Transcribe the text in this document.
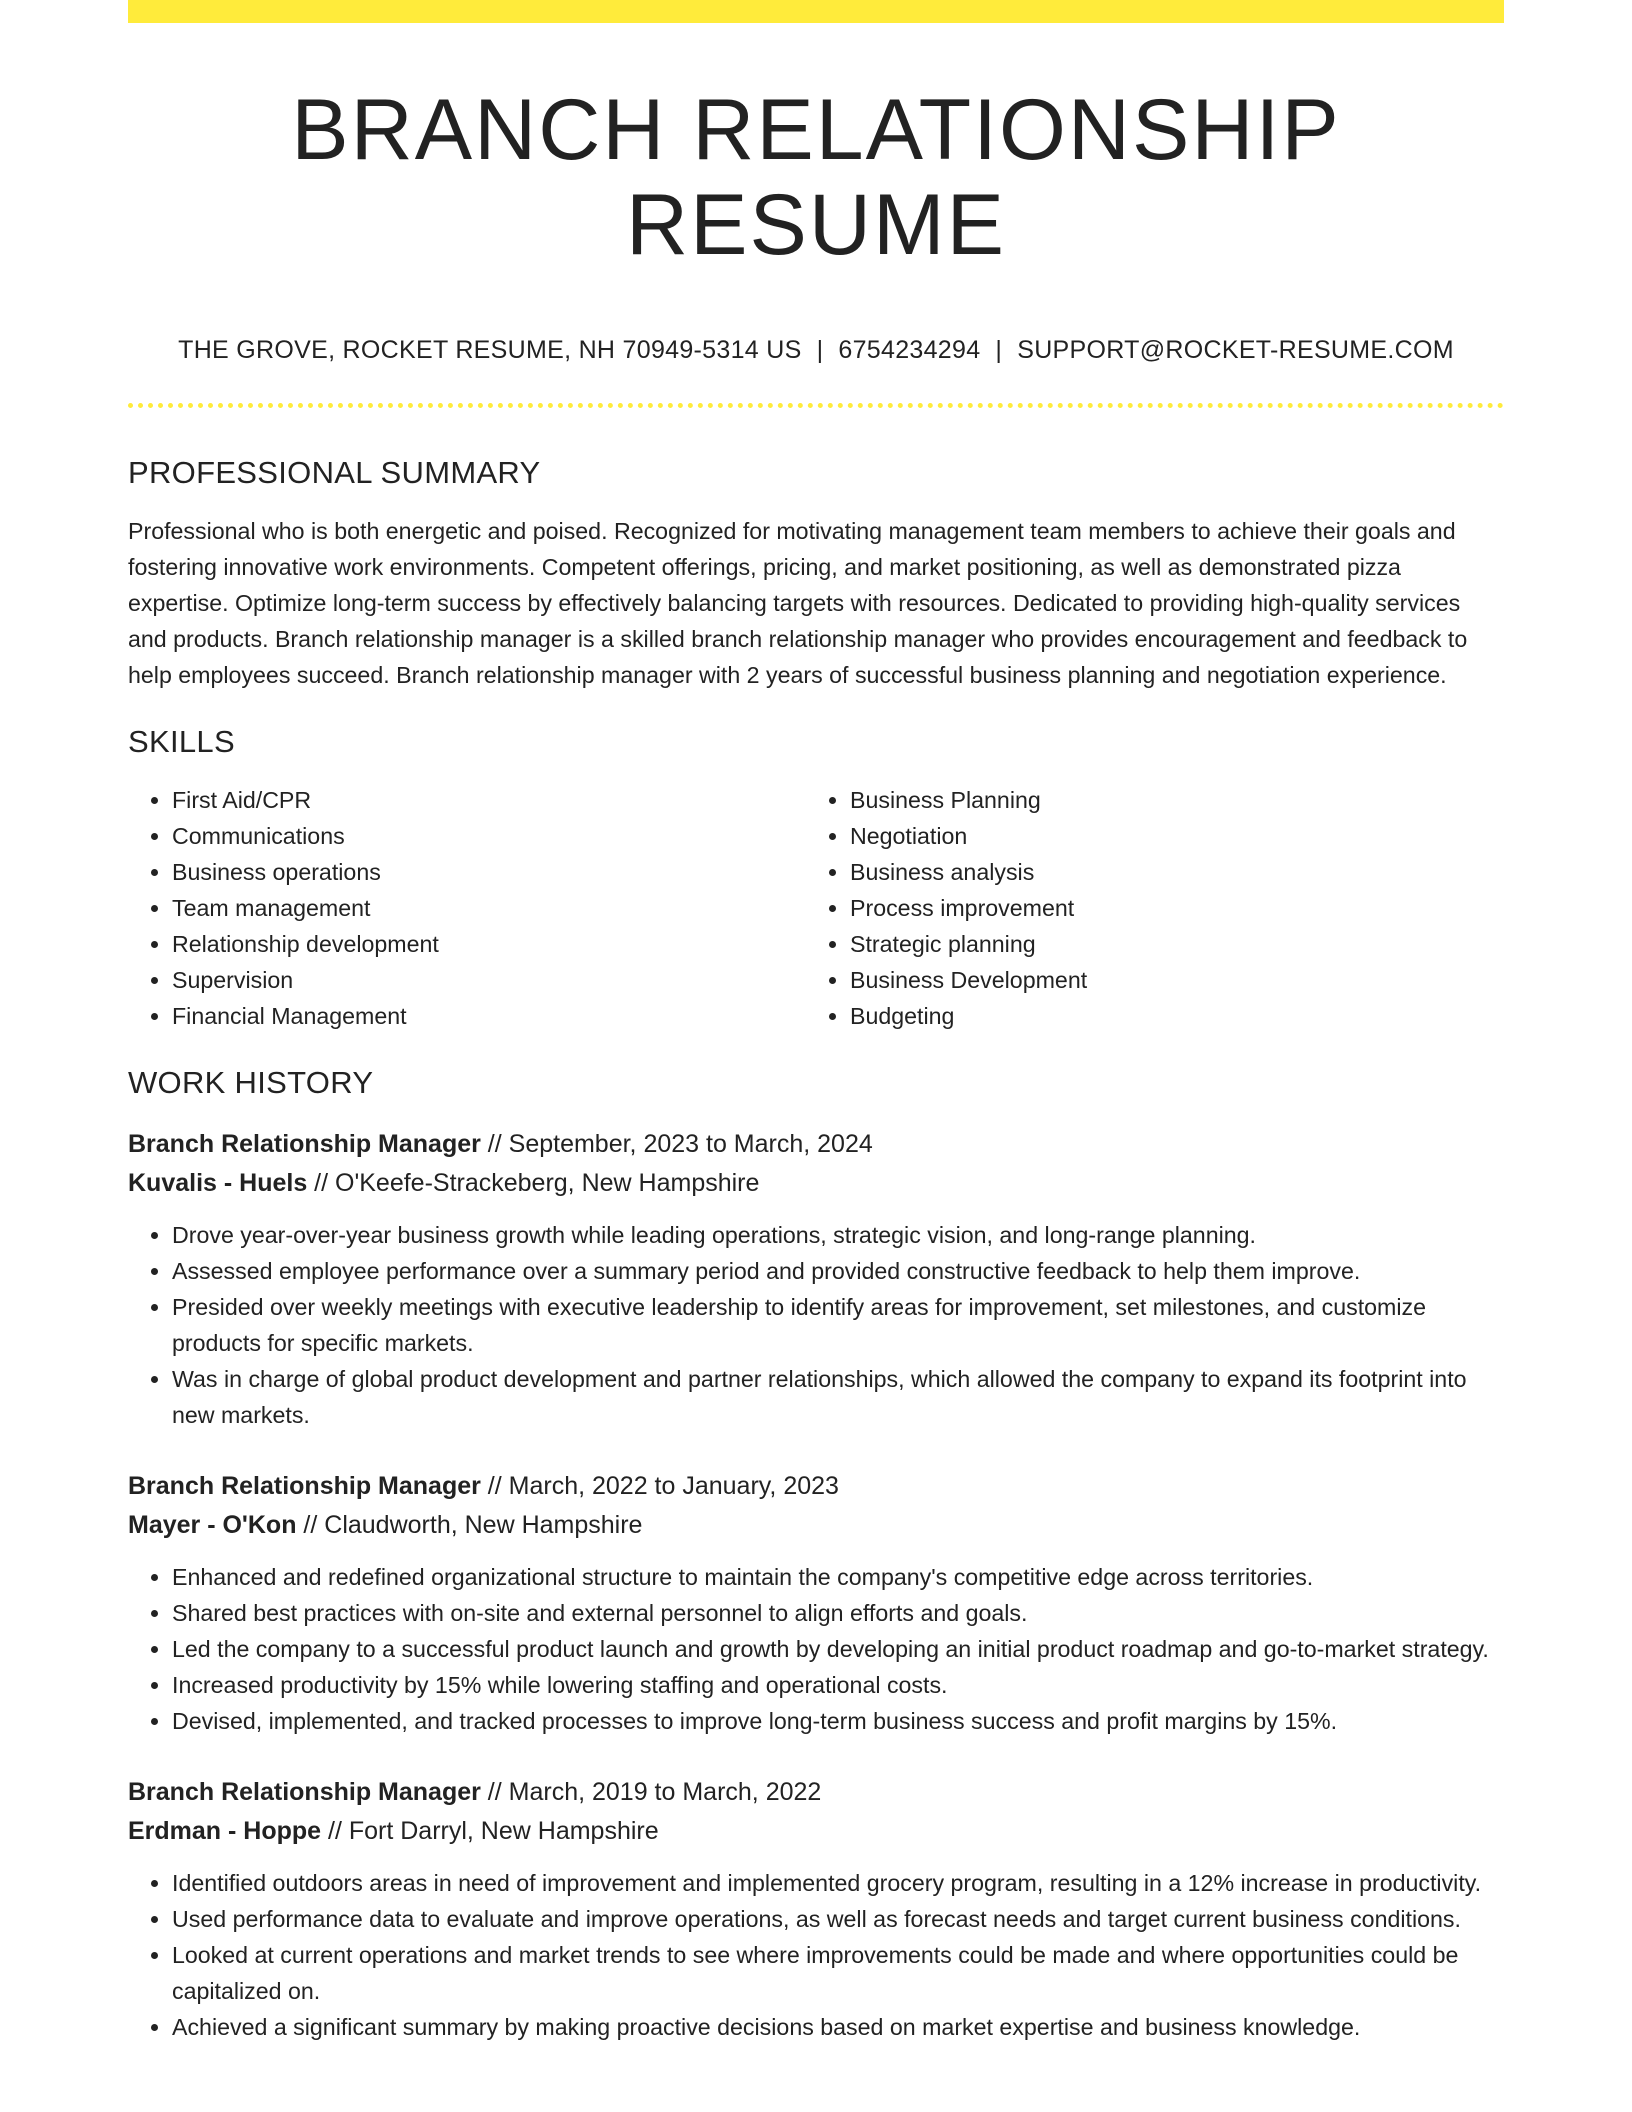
BRANCH RELATIONSHIP RESUME
THE GROVE, ROCKET RESUME, NH 70949-5314 US | 6754234294 | SUPPORT@ROCKET-RESUME.COM
PROFESSIONAL SUMMARY

Professional who is both energetic and poised. Recognized for motivating management team members to achieve their goals and fostering innovative work environments. Competent offerings, pricing, and market positioning, as well as demonstrated pizza expertise. Optimize long-term success by effectively balancing targets with resources. Dedicated to providing high-quality services and products. Branch relationship manager is a skilled branch relationship manager who provides encouragement and feedback to help employees succeed. Branch relationship manager with 2 years of successful business planning and negotiation experience.

SKILLS
• First Aid/CPR
• Communications
• Business operations
• Team management
• Relationship development
• Supervision
• Financial Management
• Business Planning
• Negotiation
• Business analysis
• Process improvement
• Strategic planning
• Business Development
• Budgeting
WORK HISTORY
Branch Relationship Manager // September, 2023 to March, 2024
Kuvalis - Huels // O'Keefe-Strackeberg, New Hampshire
• Drove year-over-year business growth while leading operations, strategic vision, and long-range planning.
• Assessed employee performance over a summary period and provided constructive feedback to help them improve.
• Presided over weekly meetings with executive leadership to identify areas for improvement, set milestones, and customize products for specific markets.
• Was in charge of global product development and partner relationships, which allowed the company to expand its footprint into new markets.
Branch Relationship Manager // March, 2022 to January, 2023
Mayer - O'Kon // Claudworth, New Hampshire
• Enhanced and redefined organizational structure to maintain the company's competitive edge across territories.
• Shared best practices with on-site and external personnel to align efforts and goals.
• Led the company to a successful product launch and growth by developing an initial product roadmap and go-to-market strategy.
• Increased productivity by 15% while lowering staffing and operational costs.
• Devised, implemented, and tracked processes to improve long-term business success and profit margins by 15%.
Branch Relationship Manager // March, 2019 to March, 2022
Erdman - Hoppe // Fort Darryl, New Hampshire
• Identified outdoors areas in need of improvement and implemented grocery program, resulting in a 12% increase in productivity.
• Used performance data to evaluate and improve operations, as well as forecast needs and target current business conditions.
• Looked at current operations and market trends to see where improvements could be made and where opportunities could be capitalized on.
• Achieved a significant summary by making proactive decisions based on market expertise and business knowledge.
